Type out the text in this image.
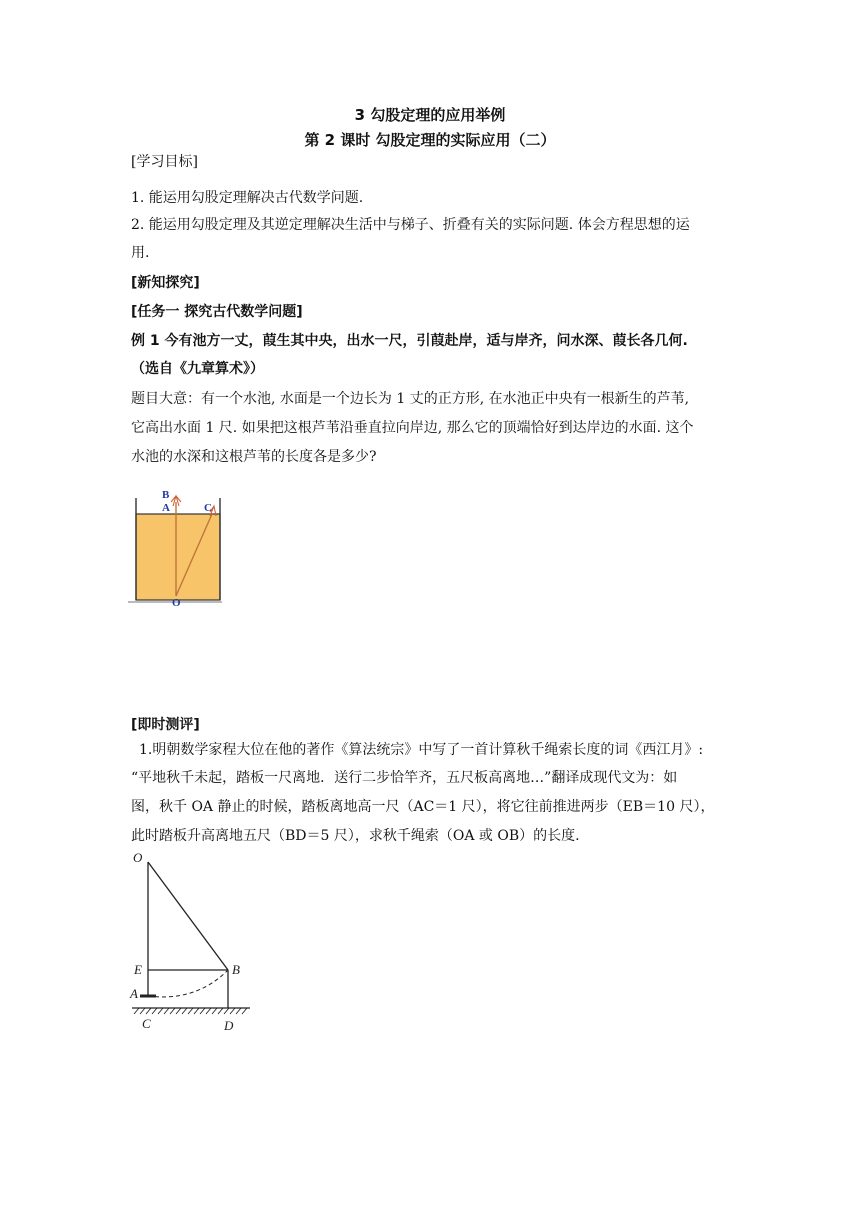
3 勾股定理的应用举例
第 2 课时 勾股定理的实际应用（二）
[学习目标]
1. 能运用勾股定理解决古代数学问题.
2. 能运用勾股定理及其逆定理解决生活中与梯子、折叠有关的实际问题. 体会方程思想的运
用.
[新知探究]
[任务一 探究古代数学问题]
例 1 今有池方一丈，葭生其中央，出水一尺，引葭赴岸，适与岸齐，问水深、葭长各几何.
（选自《九章算术》）
题目大意：有一个水池, 水面是一个边长为 1 丈的正方形, 在水池正中央有一根新生的芦苇,
它高出水面 1 尺. 如果把这根芦苇沿垂直拉向岸边, 那么它的顶端恰好到达岸边的水面. 这个
水池的水深和这根芦苇的长度各是多少?
B
A	C
O
[即时测评]
1.明朝数学家程大位在他的著作《算法统宗》中写了一首计算秋千绳索长度的词《西江月》:
“平地秋千未起，踏板一尺离地．送行二步恰竿齐，五尺板高离地…”翻译成现代文为：如
图，秋千 OA 静止的时候，踏板离地高一尺（AC＝1 尺），将它往前推进两步（EB＝10 尺），
此时踏板升高离地五尺（BD＝5 尺），求秋千绳索（OA 或 OB）的长度.
O
E	B
A
C	D
